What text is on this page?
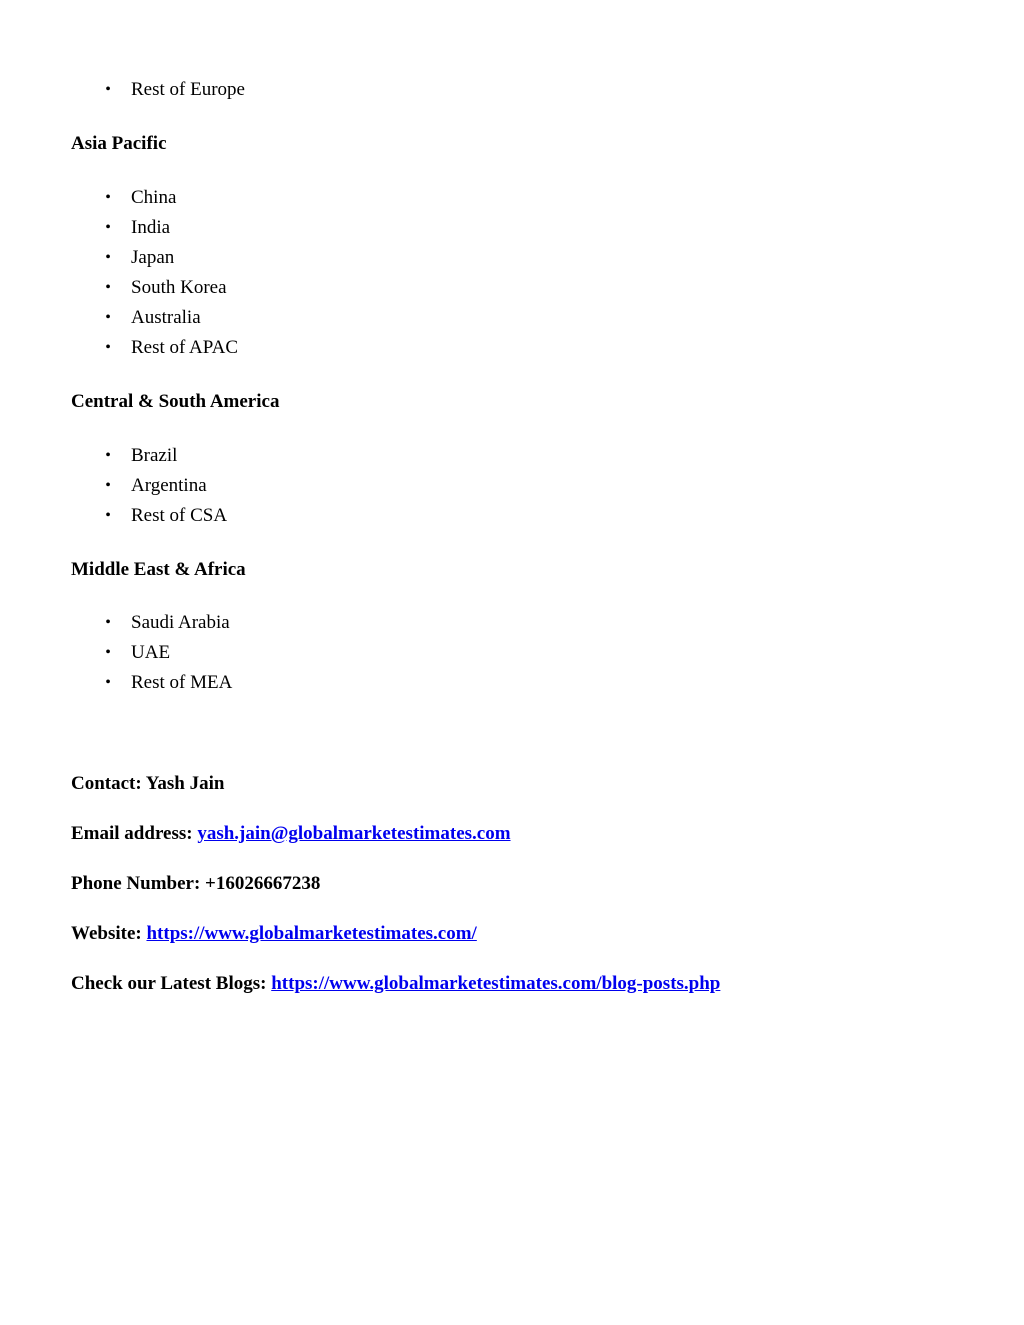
• Rest of Europe
Asia Pacific
• China
• India
• Japan
• South Korea
• Australia
• Rest of APAC
Central & South America
• Brazil
• Argentina
• Rest of CSA
Middle East & Africa
• Saudi Arabia
• UAE
• Rest of MEA
Contact: Yash Jain
Email address: yash.jain@globalmarketestimates.com
Phone Number: +16026667238
Website: https://www.globalmarketestimates.com/
Check our Latest Blogs: https://www.globalmarketestimates.com/blog-posts.php
